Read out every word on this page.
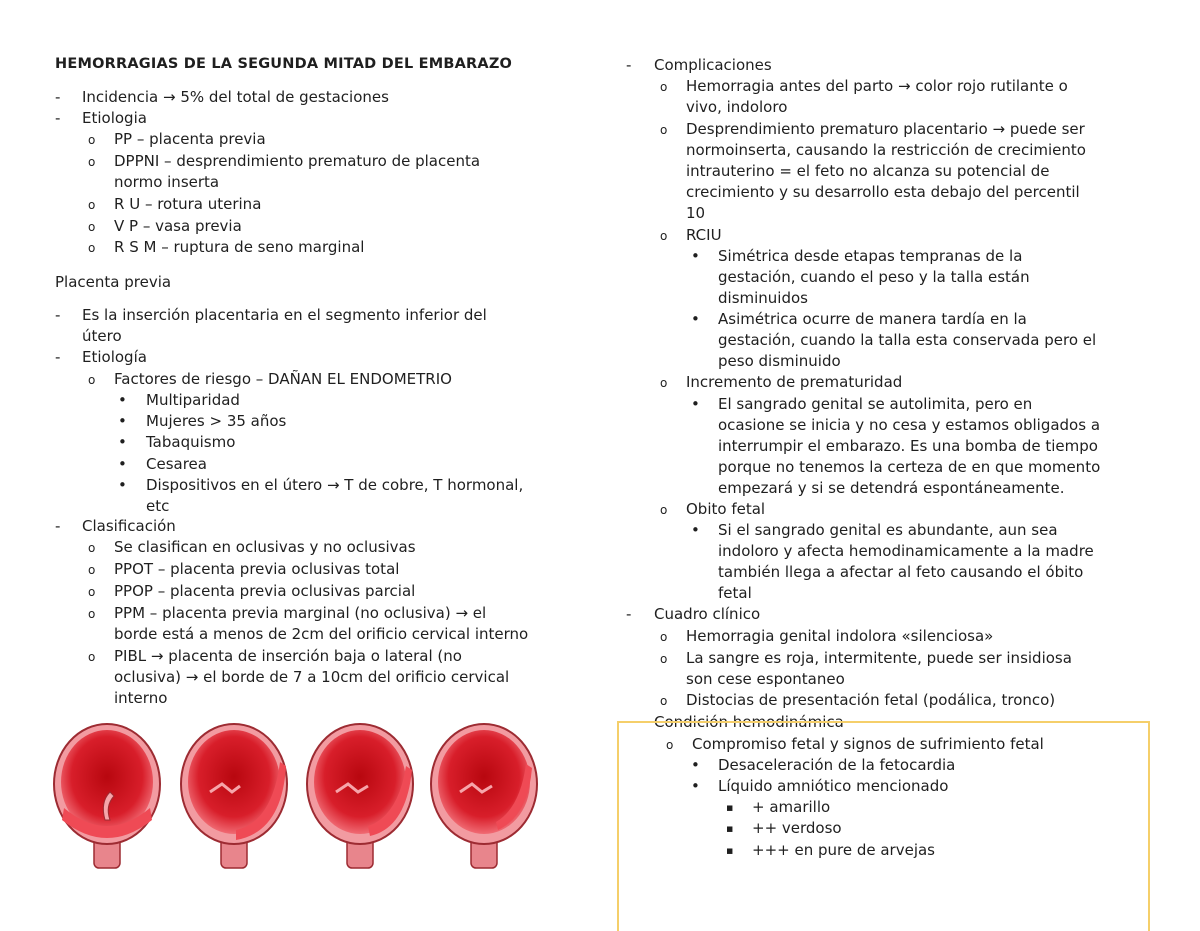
HEMORRAGIAS DE LA SEGUNDA MITAD DEL EMBARAZO
- Incidencia → 5% del total de gestaciones
- Etiologia
o PP – placenta previa
o DPPNI – desprendimiento prematuro de placenta
normo inserta
o R U – rotura uterina
o V P – vasa previa
o R S M – ruptura de seno marginal
Placenta previa
- Es la inserción placentaria en el segmento inferior del
útero
- Etiología
o Factores de riesgo – DAÑAN EL ENDOMETRIO
• Multiparidad
• Mujeres > 35 años
• Tabaquismo
• Cesarea
• Dispositivos en el útero → T de cobre, T hormonal,
etc
- Clasificación
o Se clasifican en oclusivas y no oclusivas
o PPOT – placenta previa oclusivas total
o PPOP – placenta previa oclusivas parcial
o PPM – placenta previa marginal (no oclusiva) → el
borde está a menos de 2cm del orificio cervical interno
o PIBL → placenta de inserción baja o lateral (no
oclusiva) → el borde de 7 a 10cm del orificio cervical
interno
- Complicaciones
o Hemorragia antes del parto → color rojo rutilante o
vivo, indoloro
o Desprendimiento prematuro placentario → puede ser
normoinserta, causando la restricción de crecimiento
intrauterino = el feto no alcanza su potencial de
crecimiento y su desarrollo esta debajo del percentil
10
o RCIU
• Simétrica desde etapas tempranas de la
gestación, cuando el peso y la talla están
disminuidos
• Asimétrica ocurre de manera tardía en la
gestación, cuando la talla esta conservada pero el
peso disminuido
o Incremento de prematuridad
• El sangrado genital se autolimita, pero en
ocasione se inicia y no cesa y estamos obligados a
interrumpir el embarazo. Es una bomba de tiempo
porque no tenemos la certeza de en que momento
empezará y si se detendrá espontáneamente.
o Obito fetal
• Si el sangrado genital es abundante, aun sea
indoloro y afecta hemodinamicamente a la madre
también llega a afectar al feto causando el óbito
fetal
- Cuadro clínico
o Hemorragia genital indolora «silenciosa»
o La sangre es roja, intermitente, puede ser insidiosa
son cese espontaneo
o Distocias de presentación fetal (podálica, tronco)
Condición hemodinámica
o Compromiso fetal y signos de sufrimiento fetal
• Desaceleración de la fetocardia
• Líquido amniótico mencionado
▪ + amarillo
▪ ++ verdoso
▪ +++ en pure de arvejas
